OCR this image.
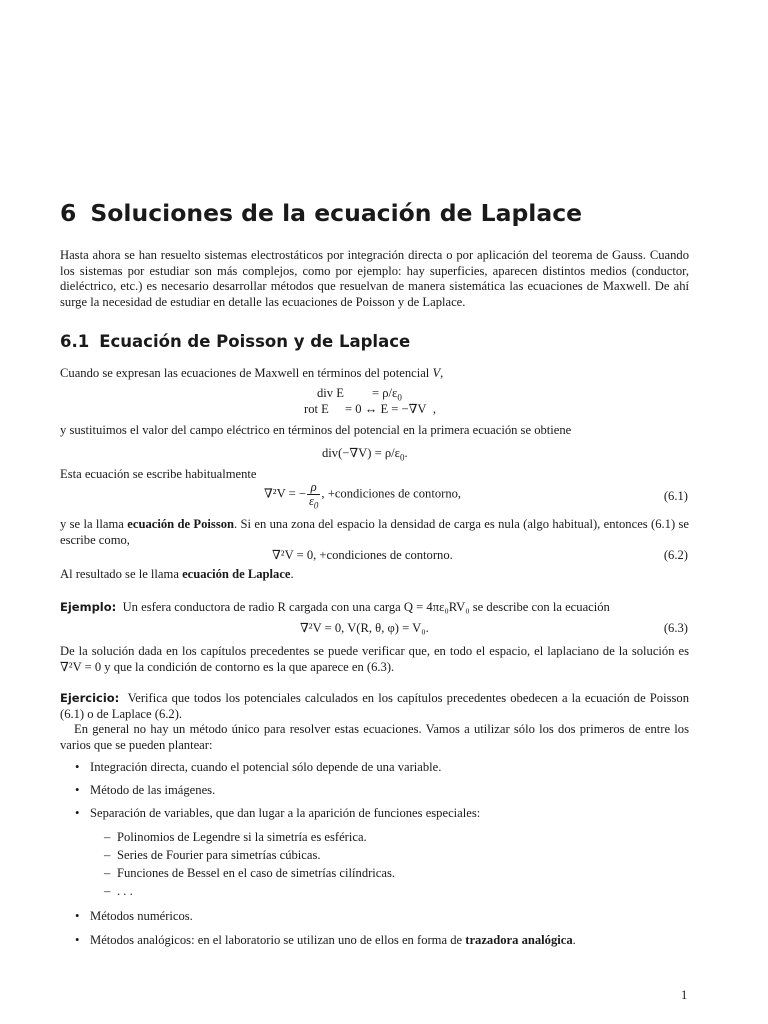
6 Soluciones de la ecuación de Laplace
Hasta ahora se han resuelto sistemas electrostáticos por integración directa o por aplicación del teorema de Gauss. Cuando los sistemas por estudiar son más complejos, como por ejemplo: hay superficies, aparecen distintos medios (conductor, dieléctrico, etc.) es necesario desarrollar métodos que resuelvan de manera sistemática las ecuaciones de Maxwell. De ahí surge la necesidad de estudiar en detalle las ecuaciones de Poisson y de Laplace.
6.1 Ecuación de Poisson y de Laplace
Cuando se expresan las ecuaciones de Maxwell en términos del potencial V,
div $E = \rho/\varepsilon_0$
rot E = 0 ↔ E = −∇V ,
y sustituimos el valor del campo eléctrico en términos del potencial en la primera ecuación se obtiene
$div(-\nabla V) = \rho/\varepsilon_0$.
Esta ecuación se escribe habitualmente
∇²V = − $\frac{\rho}{\varepsilon_0}$ , +condiciones de contorno,	(6.1)
y se la llama ecuación de Poisson. Si en una zona del espacio la densidad de carga es nula (algo habitual), entonces (6.1) se escribe como,
∇²V = 0, +condiciones de contorno.	(6.2)
Al resultado se le llama ecuación de Laplace.
Ejemplo: Un esfera conductora de radio R cargada con una carga Q = 4πε₀RV₀ se describe con la ecuación
∇²V = 0, V(R, θ, φ) = V₀.	(6.3)
De la solución dada en los capítulos precedentes se puede verificar que, en todo el espacio, el laplaciano de la solución es ∇²V = 0 y que la condición de contorno es la que aparece en (6.3).
Ejercicio: Verifica que todos los potenciales calculados en los capítulos precedentes obedecen a la ecuación de Poisson (6.1) o de Laplace (6.2).
En general no hay un método único para resolver estas ecuaciones. Vamos a utilizar sólo los dos primeros de entre los varios que se pueden plantear:
• Integración directa, cuando el potencial sólo depende de una variable.
• Método de las imágenes.
• Separación de variables, que dan lugar a la aparición de funciones especiales:
– Polinomios de Legendre si la simetría es esférica.
– Series de Fourier para simetrías cúbicas.
– Funciones de Bessel en el caso de simetrías cilíndricas.
– . . .
• Métodos numéricos.
• Métodos analógicos: en el laboratorio se utilizan uno de ellos en forma de trazadora analógica.
1
